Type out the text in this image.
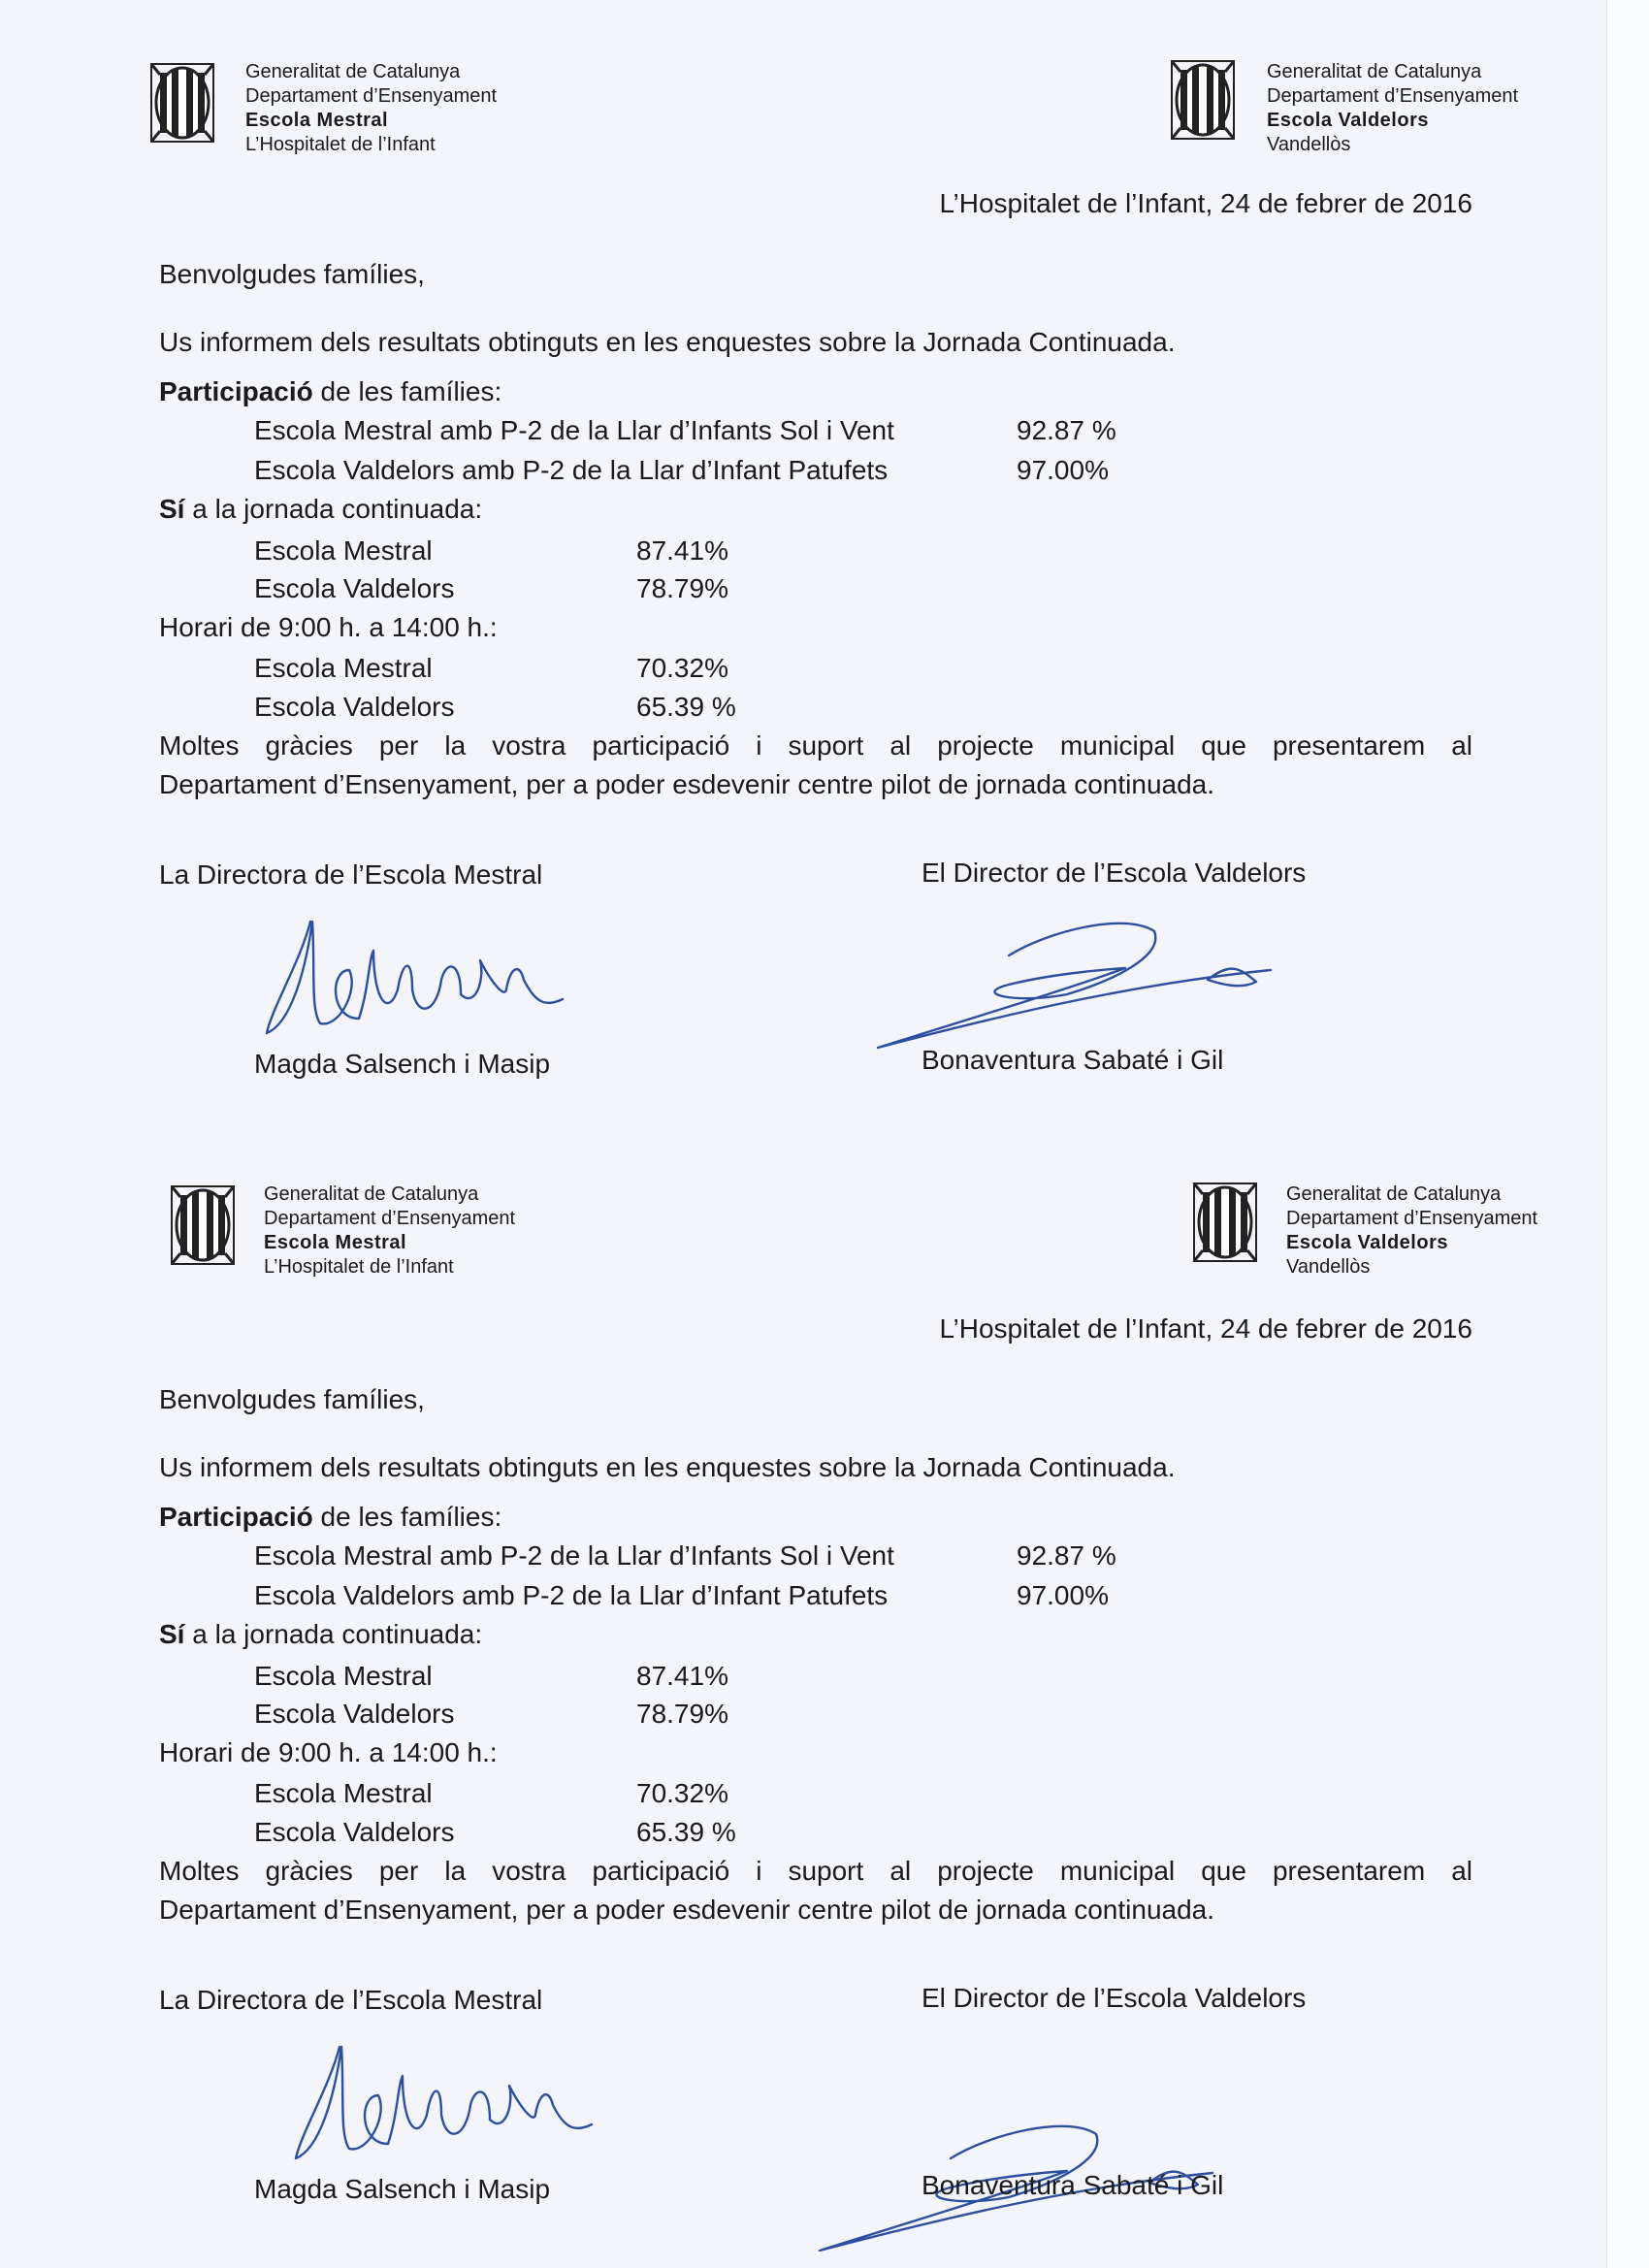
Generalitat de Catalunya
Departament d’Ensenyament
Escola Mestral
L’Hospitalet de l’Infant
Generalitat de Catalunya
Departament d’Ensenyament
Escola Valdelors
Vandellòs
L’Hospitalet de l’Infant, 24 de febrer de 2016
Benvolgudes famílies,
Us informem dels resultats obtinguts en les enquestes sobre la Jornada Continuada.
Participació de les famílies:
Escola Mestral amb P-2 de la Llar d’Infants Sol i Vent	92.87 %
Escola Valdelors amb P-2 de la Llar d’Infant Patufets	97.00%
Sí a la jornada continuada:
Escola Mestral	87.41%
Escola Valdelors	78.79%
Horari de 9:00 h. a 14:00 h.:
Escola Mestral	70.32%
Escola Valdelors	65.39 %
Moltes gràcies per la vostra participació i suport al projecte municipal que presentarem al
Departament d’Ensenyament, per a poder esdevenir centre pilot de jornada continuada.
La Directora de l’Escola Mestral	El Director de l’Escola Valdelors
Magda Salsench i Masip	Bonaventura Sabaté i Gil
Generalitat de Catalunya
Departament d’Ensenyament
Escola Mestral
L’Hospitalet de l’Infant
Generalitat de Catalunya
Departament d’Ensenyament
Escola Valdelors
Vandellòs
L’Hospitalet de l’Infant, 24 de febrer de 2016
Benvolgudes famílies,
Us informem dels resultats obtinguts en les enquestes sobre la Jornada Continuada.
Participació de les famílies:
Escola Mestral amb P-2 de la Llar d’Infants Sol i Vent	92.87 %
Escola Valdelors amb P-2 de la Llar d’Infant Patufets	97.00%
Sí a la jornada continuada:
Escola Mestral	87.41%
Escola Valdelors	78.79%
Horari de 9:00 h. a 14:00 h.:
Escola Mestral	70.32%
Escola Valdelors	65.39 %
Moltes gràcies per la vostra participació i suport al projecte municipal que presentarem al
Departament d’Ensenyament, per a poder esdevenir centre pilot de jornada continuada.
La Directora de l’Escola Mestral	El Director de l’Escola Valdelors
Magda Salsench i Masip	Bonaventura Sabaté i Gil
